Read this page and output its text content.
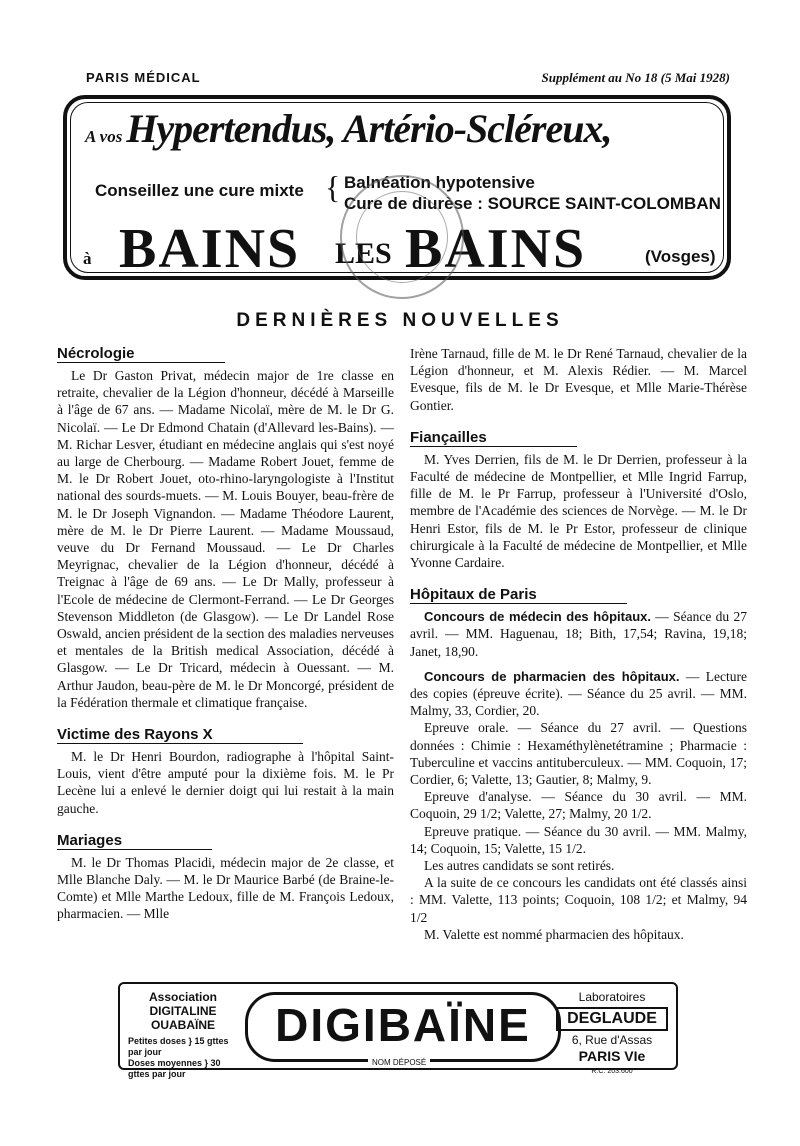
PARIS MÉDICAL	Supplément au No 18 (5 Mai 1928)
A vos Hypertendus, Artério-Scléreux,
Conseillez une cure mixte { Balnéation hypotensive
Cure de diurèse : SOURCE SAINT-COLOMBAN
à BAINS LES BAINS	(Vosges)
DERNIÈRES NOUVELLES
Nécrologie

Le Dr Gaston Privat, médecin major de 1re classe en retraite, chevalier de la Légion d'honneur, décédé à Marseille à l'âge de 67 ans. — Madame Nicolaï, mère de M. le Dr G. Nicolaï. — Le Dr Edmond Chatain (d'Allevard les-Bains). — M. Richar Lesver, étudiant en médecine anglais qui s'est noyé au large de Cherbourg. — Madame Robert Jouet, femme de M. le Dr Robert Jouet, oto-rhino-laryngologiste à l'Institut national des sourds-muets. — M. Louis Bouyer, beau-frère de M. le Dr Joseph Vignandon. — Madame Théodore Laurent, mère de M. le Dr Pierre Laurent. — Madame Moussaud, veuve du Dr Fernand Moussaud. — Le Dr Charles Meyrignac, chevalier de la Légion d'honneur, décédé à Treignac à l'âge de 69 ans. — Le Dr Mally, professeur à l'Ecole de médecine de Clermont-Ferrand. — Le Dr Georges Stevenson Middleton (de Glasgow). — Le Dr Landel Rose Oswald, ancien président de la section des maladies nerveuses et mentales de la British medical Association, décédé à Glasgow. — Le Dr Tricard, médecin à Ouessant. — M. Arthur Jaudon, beau-père de M. le Dr Moncorgé, président de la Fédération thermale et climatique française.

Victime des Rayons X

M. le Dr Henri Bourdon, radiographe à l'hôpital Saint-Louis, vient d'être amputé pour la dixième fois. M. le Pr Lecène lui a enlevé le dernier doigt qui lui restait à la main gauche.

Mariages

M. le Dr Thomas Placidi, médecin major de 2e classe, et Mlle Blanche Daly. — M. le Dr Maurice Barbé (de Braine-le-Comte) et Mlle Marthe Ledoux, fille de M. François Ledoux, pharmacien. — Mlle

Irène Tarnaud, fille de M. le Dr René Tarnaud, chevalier de la Légion d'honneur, et M. Alexis Rédier. — M. Marcel Evesque, fils de M. le Dr Evesque, et Mlle Marie-Thérèse Gontier.

Fiançailles

M. Yves Derrien, fils de M. le Dr Derrien, professeur à la Faculté de médecine de Montpellier, et Mlle Ingrid Farrup, fille de M. le Pr Farrup, professeur à l'Université d'Oslo, membre de l'Académie des sciences de Norvège. — M. le Dr Henri Estor, fils de M. le Pr Estor, professeur de clinique chirurgicale à la Faculté de médecine de Montpellier, et Mlle Yvonne Cardaire.

Hôpitaux de Paris

Concours de médecin des hôpitaux. — Séance du 27 avril. — MM. Haguenau, 18; Bith, 17,54; Ravina, 19,18; Janet, 18,90.

Concours de pharmacien des hôpitaux. — Lecture des copies (épreuve écrite). — Séance du 25 avril. — MM. Malmy, 33, Cordier, 20.

Epreuve orale. — Séance du 27 avril. — Questions données : Chimie : Hexaméthylènetétramine ; Pharmacie : Tuberculine et vaccins antituberculeux. — MM. Coquoin, 17; Cordier, 6; Valette, 13; Gautier, 8; Malmy, 9.

Epreuve d'analyse. — Séance du 30 avril. — MM. Coquoin, 29 1/2; Valette, 27; Malmy, 20 1/2.

Epreuve pratique. — Séance du 30 avril. — MM. Malmy, 14; Coquoin, 15; Valette, 15 1/2.

Les autres candidats se sont retirés.

A la suite de ce concours les candidats ont été classés ainsi : MM. Valette, 113 points; Coquoin, 108 1/2; et Malmy, 94 1/2

M. Valette est nommé pharmacien des hôpitaux.

Association
DIGITALINE
OUABAÏNE
Petites doses } 15 gttes par jour
Doses moyennes } 30 gttes par jour
DIGIBAÏNE
NOM DÉPOSÉ
Laboratoires
DEGLAUDE
6, Rue d'Assas
PARIS VIe
R.C. 203.600
